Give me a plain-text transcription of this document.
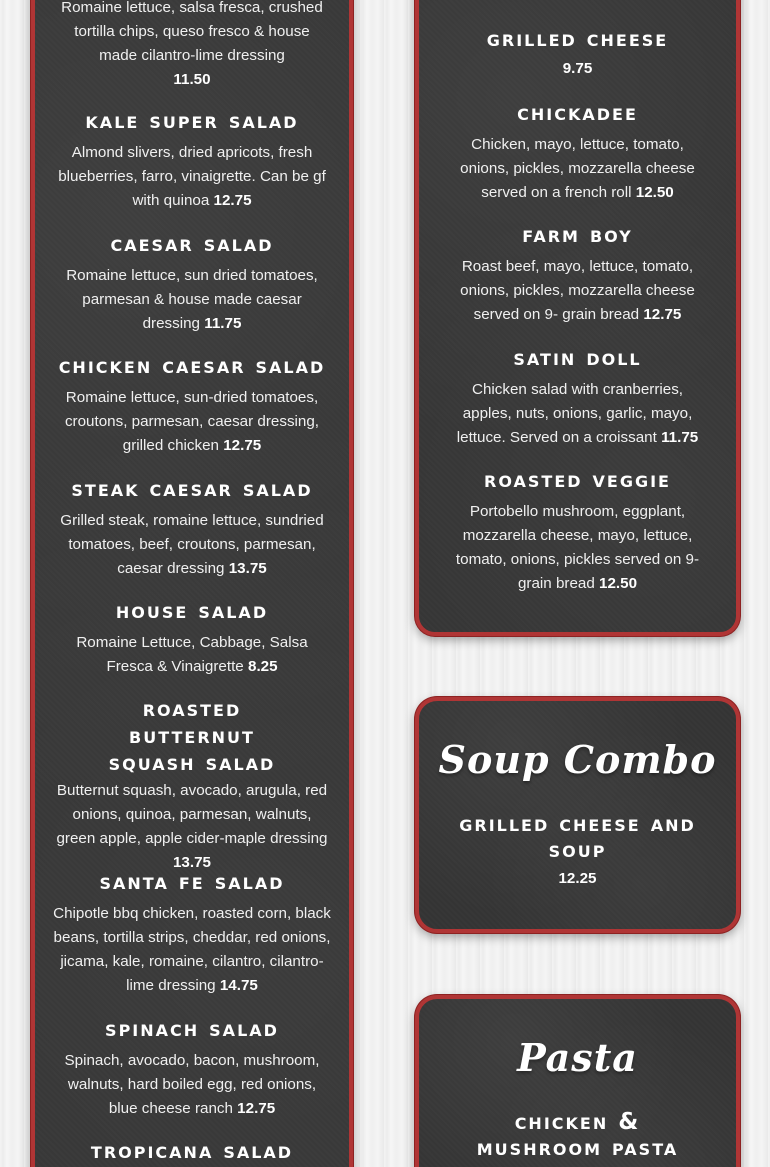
Romaine lettuce, salsa fresca, crushed tortilla chips, queso fresco & house made cilantro-lime dressing
11.50
kale super salad
Almond slivers, dried apricots, fresh blueberries, farro, vinaigrette. Can be gf with quinoa 12.75
caesar salad
Romaine lettuce, sun dried tomatoes, parmesan & house made caesar dressing 11.75
chicken caesar salad
Romaine lettuce, sun-dried tomatoes, croutons, parmesan, caesar dressing, grilled chicken 12.75
steak caesar salad
Grilled steak, romaine lettuce, sundried tomatoes, beef, croutons, parmesan, caesar dressing 13.75
house salad
Romaine Lettuce, Cabbage, Salsa Fresca & Vinaigrette 8.25
roasted butternut squash salad
Butternut squash, avocado, arugula, red onions, quinoa, parmesan, walnuts, green apple, apple cider-maple dressing 13.75
santa fe salad
Chipotle bbq chicken, roasted corn, black beans, tortilla strips, cheddar, red onions, jicama, kale, romaine, cilantro, cilantro-lime dressing 14.75
spinach salad
Spinach, avocado, bacon, mushroom, walnuts, hard boiled egg, red onions, blue cheese ranch 12.75
tropicana salad
grilled cheese
9.75
chickadee
Chicken, mayo, lettuce, tomato, onions, pickles, mozzarella cheese served on a french roll 12.50
farm boy
Roast beef, mayo, lettuce, tomato, onions, pickles, mozzarella cheese served on 9- grain bread 12.75
satin doll
Chicken salad with cranberries, apples, nuts, onions, garlic, mayo, lettuce. Served on a croissant 11.75
roasted veggie
Portobello mushroom, eggplant, mozzarella cheese, mayo, lettuce, tomato, onions, pickles served on 9- grain bread 12.50
Soup Combo
grilled cheese and soup
12.25
Pasta
chicken & mushroom pasta
